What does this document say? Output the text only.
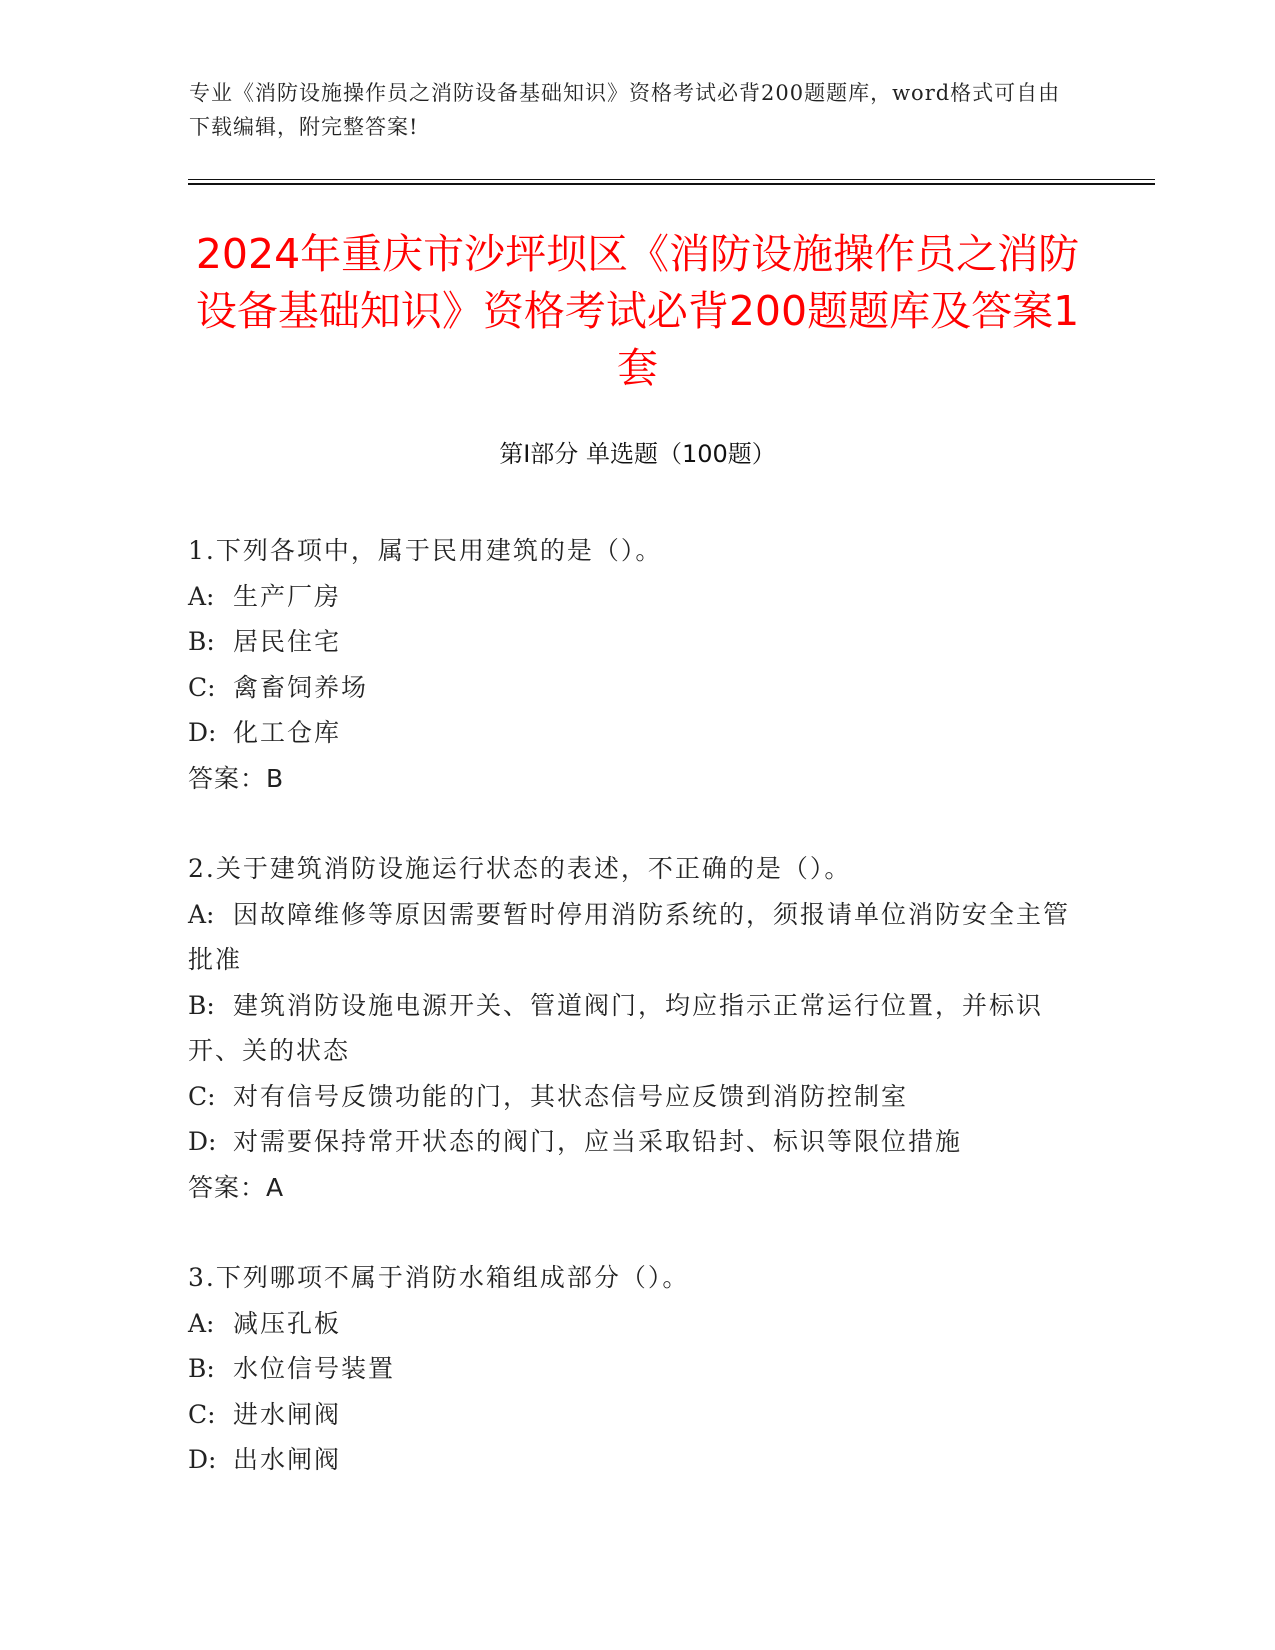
专业《消防设施操作员之消防设备基础知识》资格考试必背200题题库，word格式可自由下载编辑，附完整答案!
2024年重庆市沙坪坝区《消防设施操作员之消防设备基础知识》资格考试必背200题题库及答案1套
第I部分 单选题（100题）

1.下列各项中，属于民用建筑的是（）。

A: 生产厂房

B: 居民住宅

C: 禽畜饲养场

D: 化工仓库

答案：B

2.关于建筑消防设施运行状态的表述，不正确的是（）。

A: 因故障维修等原因需要暂时停用消防系统的，须报请单位消防安全主管批准

B: 建筑消防设施电源开关、管道阀门，均应指示正常运行位置，并标识开、关的状态

C: 对有信号反馈功能的门，其状态信号应反馈到消防控制室

D: 对需要保持常开状态的阀门，应当采取铅封、标识等限位措施

答案：A

3.下列哪项不属于消防水箱组成部分（）。

A: 减压孔板

B: 水位信号装置

C: 进水闸阀

D: 出水闸阀
